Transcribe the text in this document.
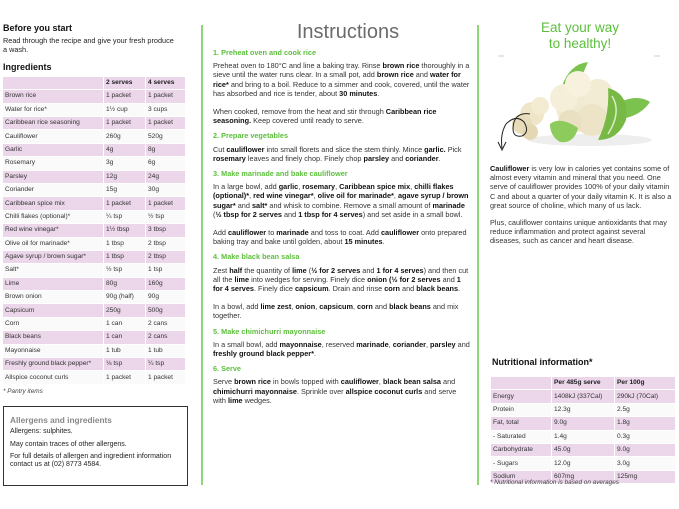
Before you start
Read through the recipe and give your fresh produce a wash.
Ingredients
	2 serves	4 serves
Brown rice	1 packet	1 packet
Water for rice*	1½ cup	3 cups
Caribbean rice seasoning	1 packet	1 packet
Cauliflower	260g	520g
Garlic	4g	8g
Rosemary	3g	6g
Parsley	12g	24g
Coriander	15g	30g
Caribbean spice mix	1 packet	1 packet
Chilli flakes (optional)*	¼ tsp	½ tsp
Red wine vinegar*	1½ tbsp	3 tbsp
Olive oil for marinade*	1 tbsp	2 tbsp
Agave syrup / brown sugar*	1 tbsp	2 tbsp
Salt*	½ tsp	1 tsp
Lime	80g	160g
Brown onion	90g (half)	90g
Capsicum	250g	500g
Corn	1 can	2 cans
Black beans	1 can	2 cans
Mayonnaise	1 tub	1 tub
Freshly ground black pepper*	⅛ tsp	¼ tsp
Allspice coconut curls	1 packet	1 packet
* Pantry items
Allergens and ingredients
Allergens: sulphites.
May contain traces of other allergens.
For full details of allergen and ingredient information contact us at (02) 8773 4584.
Instructions
1. Preheat oven and cook rice
Preheat oven to 180°C and line a baking tray. Rinse brown rice thoroughly in a sieve until the water runs clear. In a small pot, add brown rice and water for rice* and bring to a boil. Reduce to a simmer and cook, covered, until the water has absorbed and rice is tender, about 30 minutes.
When cooked, remove from the heat and stir through Caribbean rice seasoning. Keep covered until ready to serve.
2. Prepare vegetables
Cut cauliflower into small florets and slice the stem thinly. Mince garlic. Pick rosemary leaves and finely chop. Finely chop parsley and coriander.
3. Make marinade and bake cauliflower
In a large bowl, add garlic, rosemary, Caribbean spice mix, chilli flakes (optional)*, red wine vinegar*, olive oil for marinade*, agave syrup / brown sugar* and salt* and whisk to combine. Remove a small amount of marinade (½ tbsp for 2 serves and 1 tbsp for 4 serves) and set aside in a small bowl.
Add cauliflower to marinade and toss to coat. Add cauliflower onto prepared baking tray and bake until golden, about 15 minutes.
4. Make black bean salsa
Zest half the quantity of lime (½ for 2 serves and 1 for 4 serves) and then cut all the lime into wedges for serving. Finely dice onion (½ for 2 serves and 1 for 4 serves. Finely dice capsicum. Drain and rinse corn and black beans.
In a bowl, add lime zest, onion, capsicum, corn and black beans and mix together.
5. Make chimichurri mayonnaise
In a small bowl, add mayonnaise, reserved marinade, coriander, parsley and freshly ground black pepper*.
6. Serve
Serve brown rice in bowls topped with cauliflower, black bean salsa and chimichurri mayonnaise. Sprinkle over allspice coconut curls and serve with lime wedges.
Eat your way
to healthy!
Cauliflower is very low in calories yet contains some of almost every vitamin and mineral that you need. One serve of cauliflower provides 100% of your daily vitamin C and about a quarter of your daily vitamin K. It is also a great source of choline, which many of us lack.
Plus, cauliflower contains unique antioxidants that may reduce inflammation and protect against several diseases, such as cancer and heart disease.
Nutritional information*
	Per 485g serve	Per 100g
Energy	1408kJ (337Cal)	290kJ (70Cal)
Protein	12.3g	2.5g
Fat, total	9.0g	1.8g
- Saturated	1.4g	0.3g
Carbohydrate	45.0g	9.0g
- Sugars	12.0g	3.0g
Sodium	607mg	125mg
* Nutritional information is based on averages
